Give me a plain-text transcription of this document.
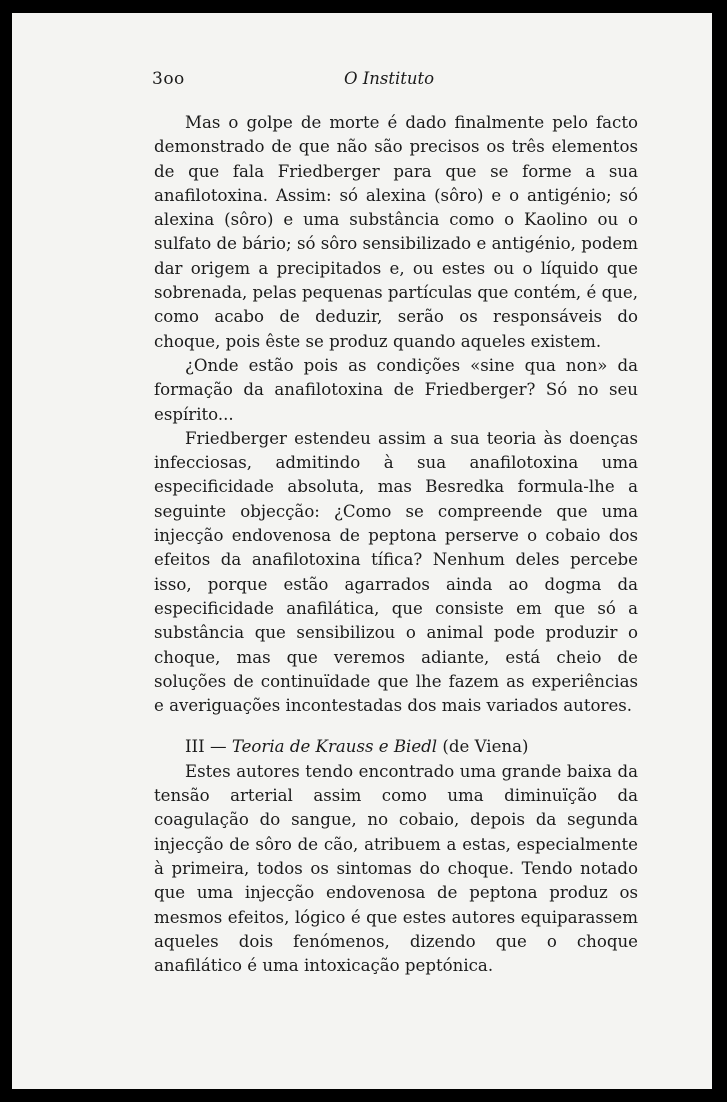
3oo	O Instituto

Mas o golpe de morte é dado finalmente pelo facto demonstrado de que não são precisos os três elementos de que fala Friedberger para que se forme a sua anafilotoxina. Assim: só alexina (sôro) e o antigénio; só alexina (sôro) e uma substância como o Kaolino ou o sulfato de bário; só sôro sensibilizado e antigénio, podem dar origem a precipitados e, ou estes ou o líquido que sobrenada, pelas pequenas partículas que contém, é que, como acabo de deduzir, serão os responsáveis do choque, pois êste se produz quando aqueles existem.

¿Onde estão pois as condições «sine qua non» da formação da anafilotoxina de Friedberger? Só no seu espírito...

Friedberger estendeu assim a sua teoria às doenças infecciosas, admitindo à sua anafilotoxina uma especificidade absoluta, mas Besredka formula-lhe a seguinte objecção: ¿Como se compreende que uma injecção endovenosa de peptona perserve o cobaio dos efeitos da anafilotoxina tífica? Nenhum deles percebe isso, porque estão agarrados ainda ao dogma da especificidade anafilática, que consiste em que só a substância que sensibilizou o animal pode produzir o choque, mas que veremos adiante, está cheio de soluções de continuïdade que lhe fazem as experiências e averiguações incontestadas dos mais variados autores.

III — Teoria de Krauss e Biedl (de Viena)

Estes autores tendo encontrado uma grande baixa da tensão arterial assim como uma diminuïção da coagulação do sangue, no cobaio, depois da segunda injecção de sôro de cão, atribuem a estas, especialmente à primeira, todos os sintomas do choque. Tendo notado que uma injecção endovenosa de peptona produz os mesmos efeitos, lógico é que estes autores equiparassem aqueles dois fenómenos, dizendo que o choque anafilático é uma intoxicação peptónica.
